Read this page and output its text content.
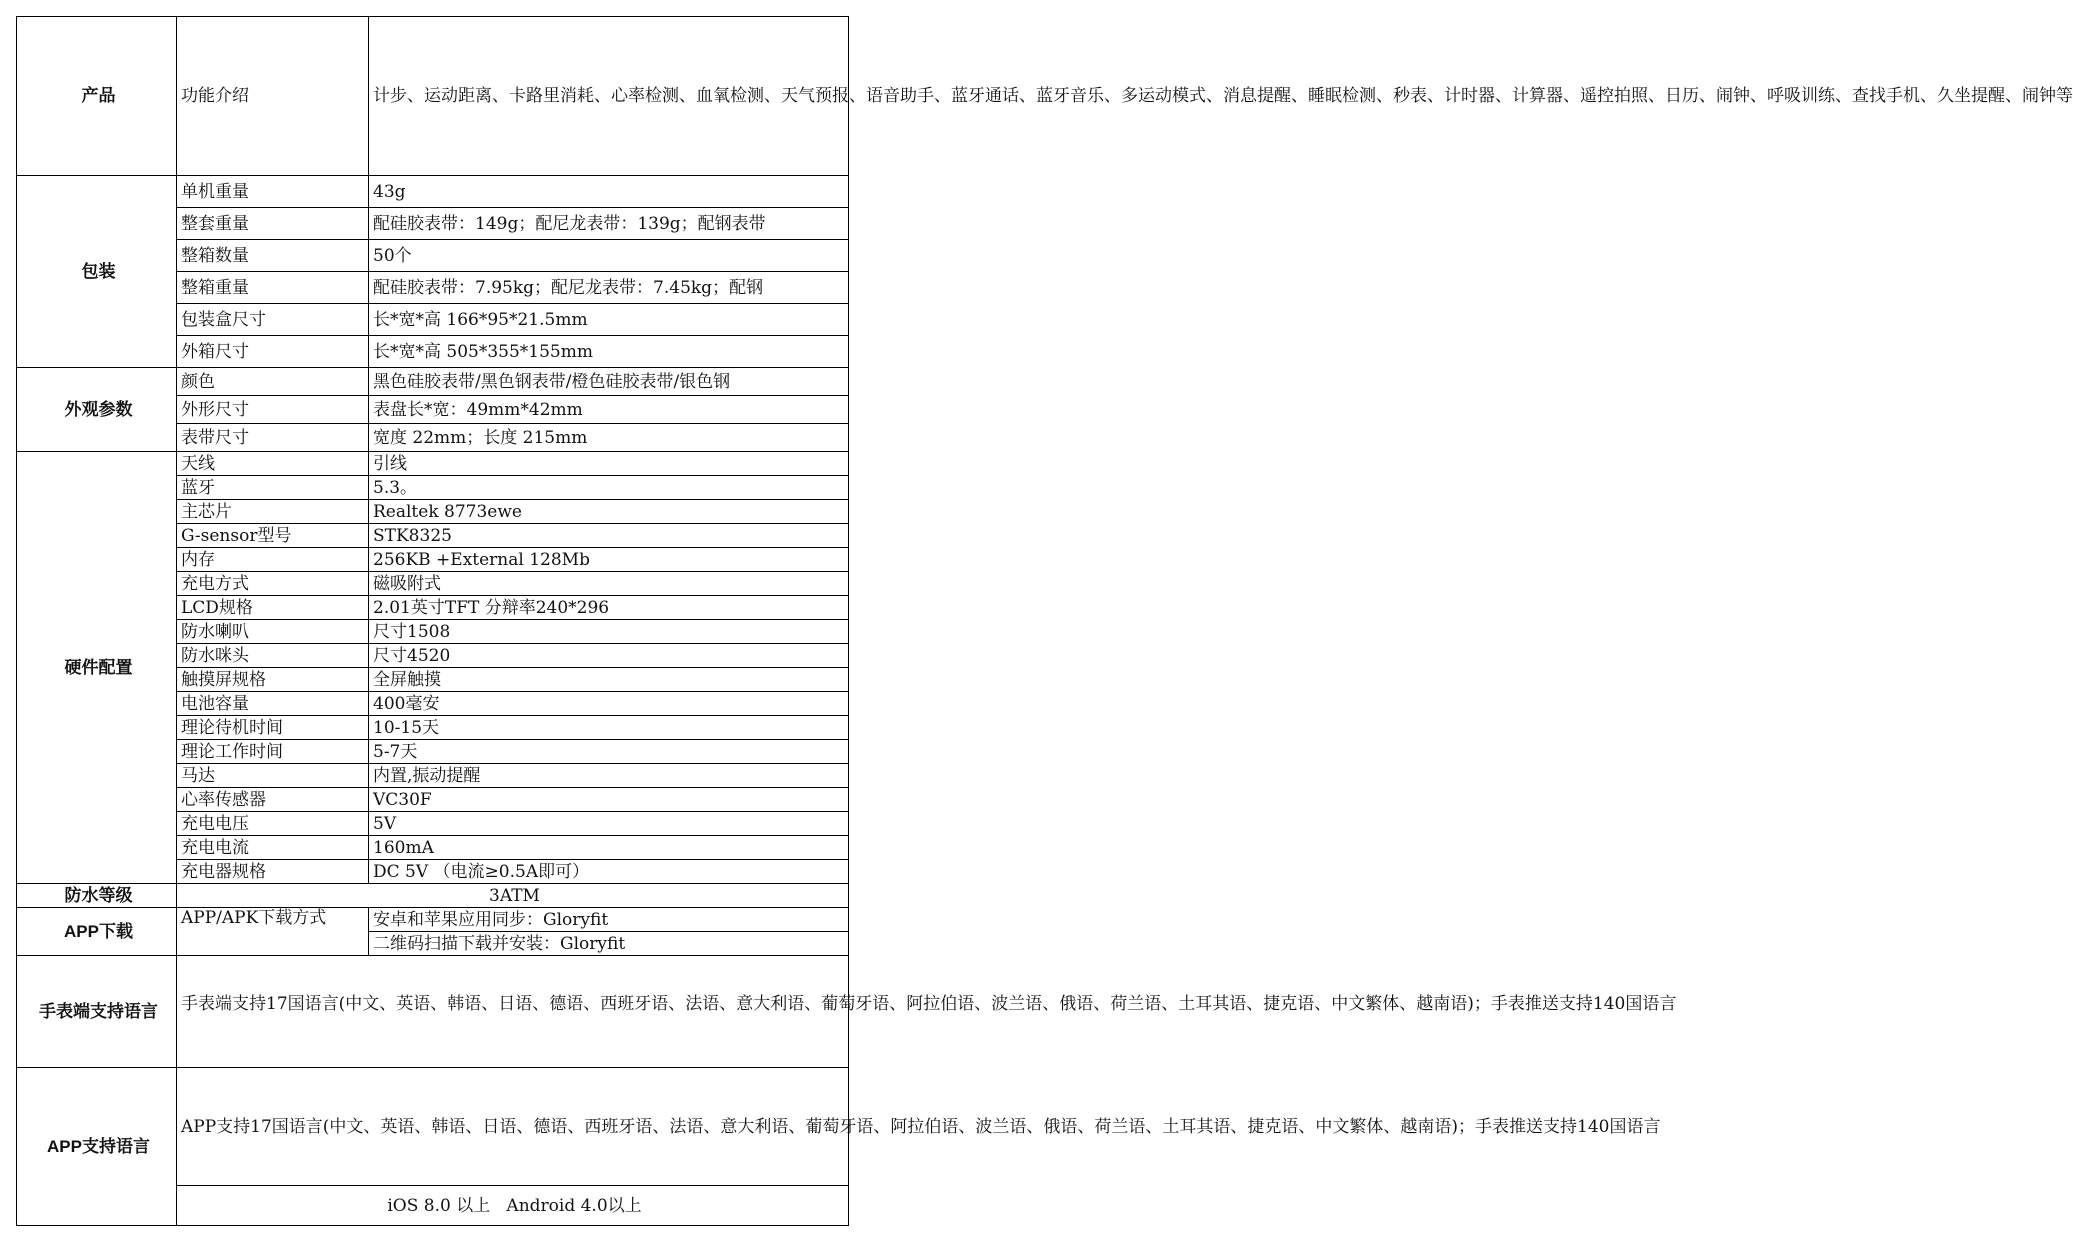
产品	功能介绍	计步、运动距离、卡路里消耗、心率检测、血氧检测、天气预报、语音助手、蓝牙通话、蓝牙音乐、多运动模式、消息提醒、睡眠检测、秒表、计时器、计算器、遥控拍照、日历、闹钟、呼吸训练、查找手机、久坐提醒、闹钟等
包装	单机重量	43g
	整套重量	配硅胶表带：149g；配尼龙表带：139g；配钢表带
	整箱数量	50个
	整箱重量	配硅胶表带：7.95kg；配尼龙表带：7.45kg；配钢
	包装盒尺寸	长*宽*高 166*95*21.5mm
	外箱尺寸	长*宽*高 505*355*155mm
外观参数	颜色	黑色硅胶表带/黑色钢表带/橙色硅胶表带/银色钢
	外形尺寸	表盘长*宽：49mm*42mm
	表带尺寸	宽度 22mm；长度 215mm
硬件配置	天线	引线
	蓝牙	5.3。
	主芯片	Realtek 8773ewe
	G-sensor型号	STK8325
	内存	256KB +External 128Mb
	充电方式	磁吸附式
	LCD规格	2.01英寸TFT 分辩率240*296
	防水喇叭	尺寸1508
	防水咪头	尺寸4520
	触摸屏规格	全屏触摸
	电池容量	400毫安
	理论待机时间	10-15天
	理论工作时间	5-7天
	马达	内置,振动提醒
	心率传感器	VC30F
	充电电压	5V
	充电电流	160mA
	充电器规格	DC 5V （电流≥0.5A即可）
防水等级	3ATM	
APP下载	APP/APK下载方式	安卓和苹果应用同步：Gloryfit
		二维码扫描下载并安装：Gloryfit
手表端支持语言	手表端支持17国语言(中文、英语、韩语、日语、德语、西班牙语、法语、意大利语、葡萄牙语、阿拉伯语、波兰语、俄语、荷兰语、土耳其语、捷克语、中文繁体、越南语)；手表推送支持140国语言	
APP支持语言	APP支持17国语言(中文、英语、韩语、日语、德语、西班牙语、法语、意大利语、葡萄牙语、阿拉伯语、波兰语、俄语、荷兰语、土耳其语、捷克语、中文繁体、越南语)；手表推送支持140国语言	
	iOS 8.0 以上   Android 4.0以上	
